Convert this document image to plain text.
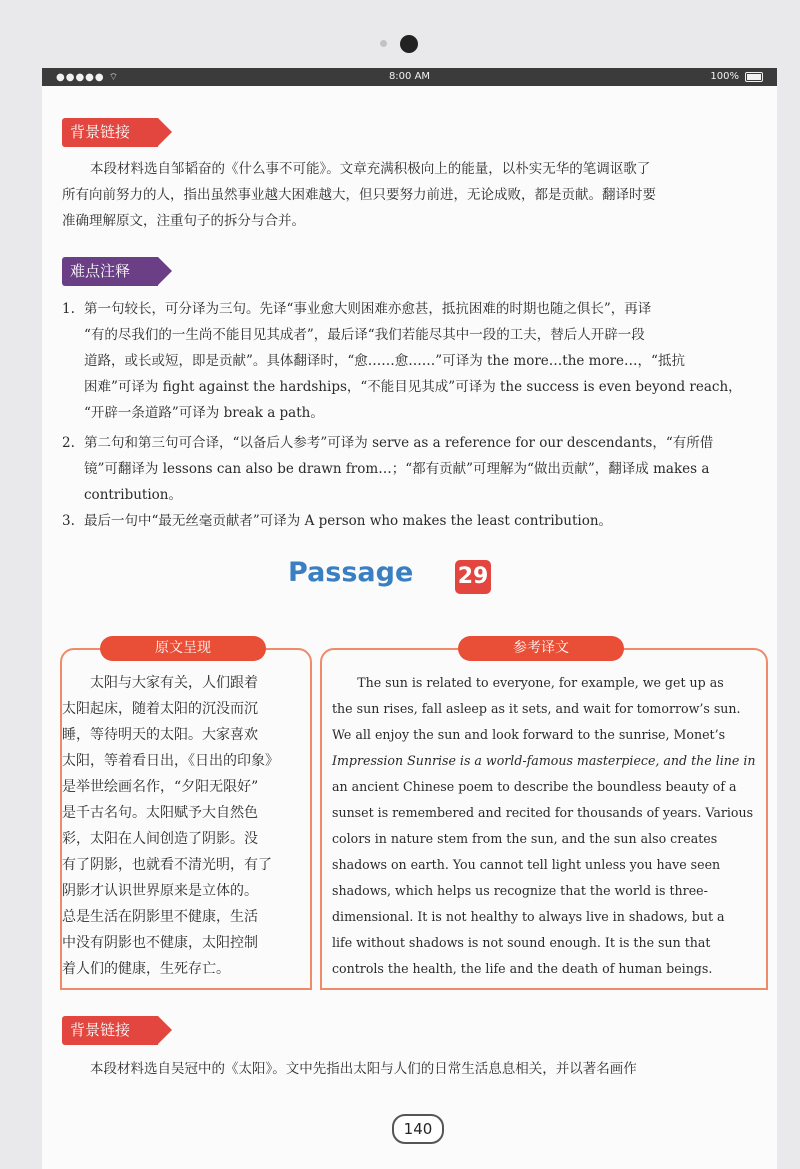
●●●●● ⌔	8:00 AM	100%
背景链接
本段材料选自邹韬奋的《什么事不可能》。文章充满积极向上的能量，以朴实无华的笔调讴歌了
所有向前努力的人，指出虽然事业越大困难越大，但只要努力前进，无论成败，都是贡献。翻译时要
准确理解原文，注重句子的拆分与合并。
难点注释
1. 第一句较长，可分译为三句。先译“事业愈大则困难亦愈甚，抵抗困难的时期也随之俱长”，再译
“有的尽我们的一生尚不能目见其成者”，最后译“我们若能尽其中一段的工夫，替后人开辟一段
道路，或长或短，即是贡献”。具体翻译时，“愈……愈……”可译为 the more…the more…，“抵抗
困难”可译为 fight against the hardships，“不能目见其成”可译为 the success is even beyond reach，
“开辟一条道路”可译为 break a path。
2. 第二句和第三句可合译，“以备后人参考”可译为 serve as a reference for our descendants，“有所借
镜”可翻译为 lessons can also be drawn from…；“都有贡献”可理解为“做出贡献”，翻译成 makes a
contribution。
3. 最后一句中“最无丝毫贡献者”可译为 A person who makes the least contribution。
Passage 29
原文呈现	参考译文
　　太阳与大家有关，人们跟着
太阳起床，随着太阳的沉没而沉
睡，等待明天的太阳。大家喜欢
太阳，等着看日出，《日出的印象》
是举世绘画名作，“夕阳无限好”
是千古名句。太阳赋予大自然色
彩，太阳在人间创造了阴影。没
有了阴影，也就看不清光明，有了
阴影才认识世界原来是立体的。
总是生活在阴影里不健康，生活
中没有阴影也不健康，太阳控制
着人们的健康，生死存亡。
　　The sun is related to everyone, for example, we get up as
the sun rises, fall asleep as it sets, and wait for tomorrow’s sun.
We all enjoy the sun and look forward to the sunrise, Monet’s
Impression Sunrise is a world-famous masterpiece, and the line in
an ancient Chinese poem to describe the boundless beauty of a
sunset is remembered and recited for thousands of years. Various
colors in nature stem from the sun, and the sun also creates
shadows on earth. You cannot tell light unless you have seen
shadows, which helps us recognize that the world is three-
dimensional. It is not healthy to always live in shadows, but a
life without shadows is not sound enough. It is the sun that
controls the health, the life and the death of human beings.
背景链接
本段材料选自吴冠中的《太阳》。文中先指出太阳与人们的日常生活息息相关，并以著名画作
140
